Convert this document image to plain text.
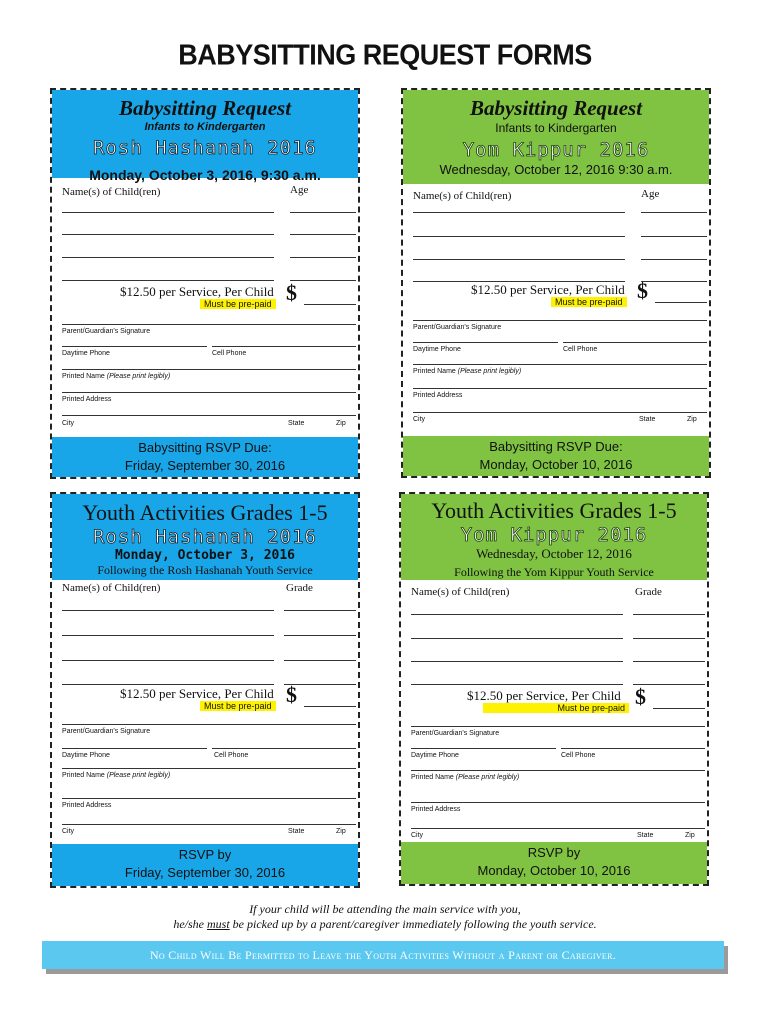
BABYSITTING REQUEST FORMS
Babysitting Request
Infants to Kindergarten
Rosh Hashanah 2016
Monday, October 3, 2016, 9:30 a.m.
Name(s) of Child(ren)	Age
$12.50 per Service, Per Child $
Must be pre-paid
Parent/Guardian's Signature
Daytime Phone	Cell Phone
Printed Name (Please print legibly)
Printed Address
City	State	Zip
Babysitting RSVP Due:
Friday, September 30, 2016
Babysitting Request
Infants to Kindergarten
Yom Kippur 2016
Wednesday, October 12, 2016 9:30 a.m.
Name(s) of Child(ren)	Age
$12.50 per Service, Per Child $
Must be pre-paid
Parent/Guardian's Signature
Daytime Phone	Cell Phone
Printed Name (Please print legibly)
Printed Address
City	State	Zip
Babysitting RSVP Due:
Monday, October 10, 2016
Youth Activities Grades 1-5
Rosh Hashanah 2016
Monday, October 3, 2016
Following the Rosh Hashanah Youth Service
Name(s) of Child(ren)	Grade
$12.50 per Service, Per Child $
Must be pre-paid
Parent/Guardian's Signature
Daytime Phone	Cell Phone
Printed Name (Please print legibly)
Printed Address
City	State	Zip
RSVP by
Friday, September 30, 2016
Youth Activities Grades 1-5
Yom Kippur 2016
Wednesday, October 12, 2016
Following the Yom Kippur Youth Service
Name(s) of Child(ren)	Grade
$12.50 per Service, Per Child $
Must be pre-paid
Parent/Guardian's Signature
Daytime Phone	Cell Phone
Printed Name (Please print legibly)
Printed Address
City	State	Zip
RSVP by
Monday, October 10, 2016
If your child will be attending the main service with you,
he/she must be picked up by a parent/caregiver immediately following the youth service.
No Child Will Be Permitted to Leave the Youth Activities Without a Parent or Caregiver.
